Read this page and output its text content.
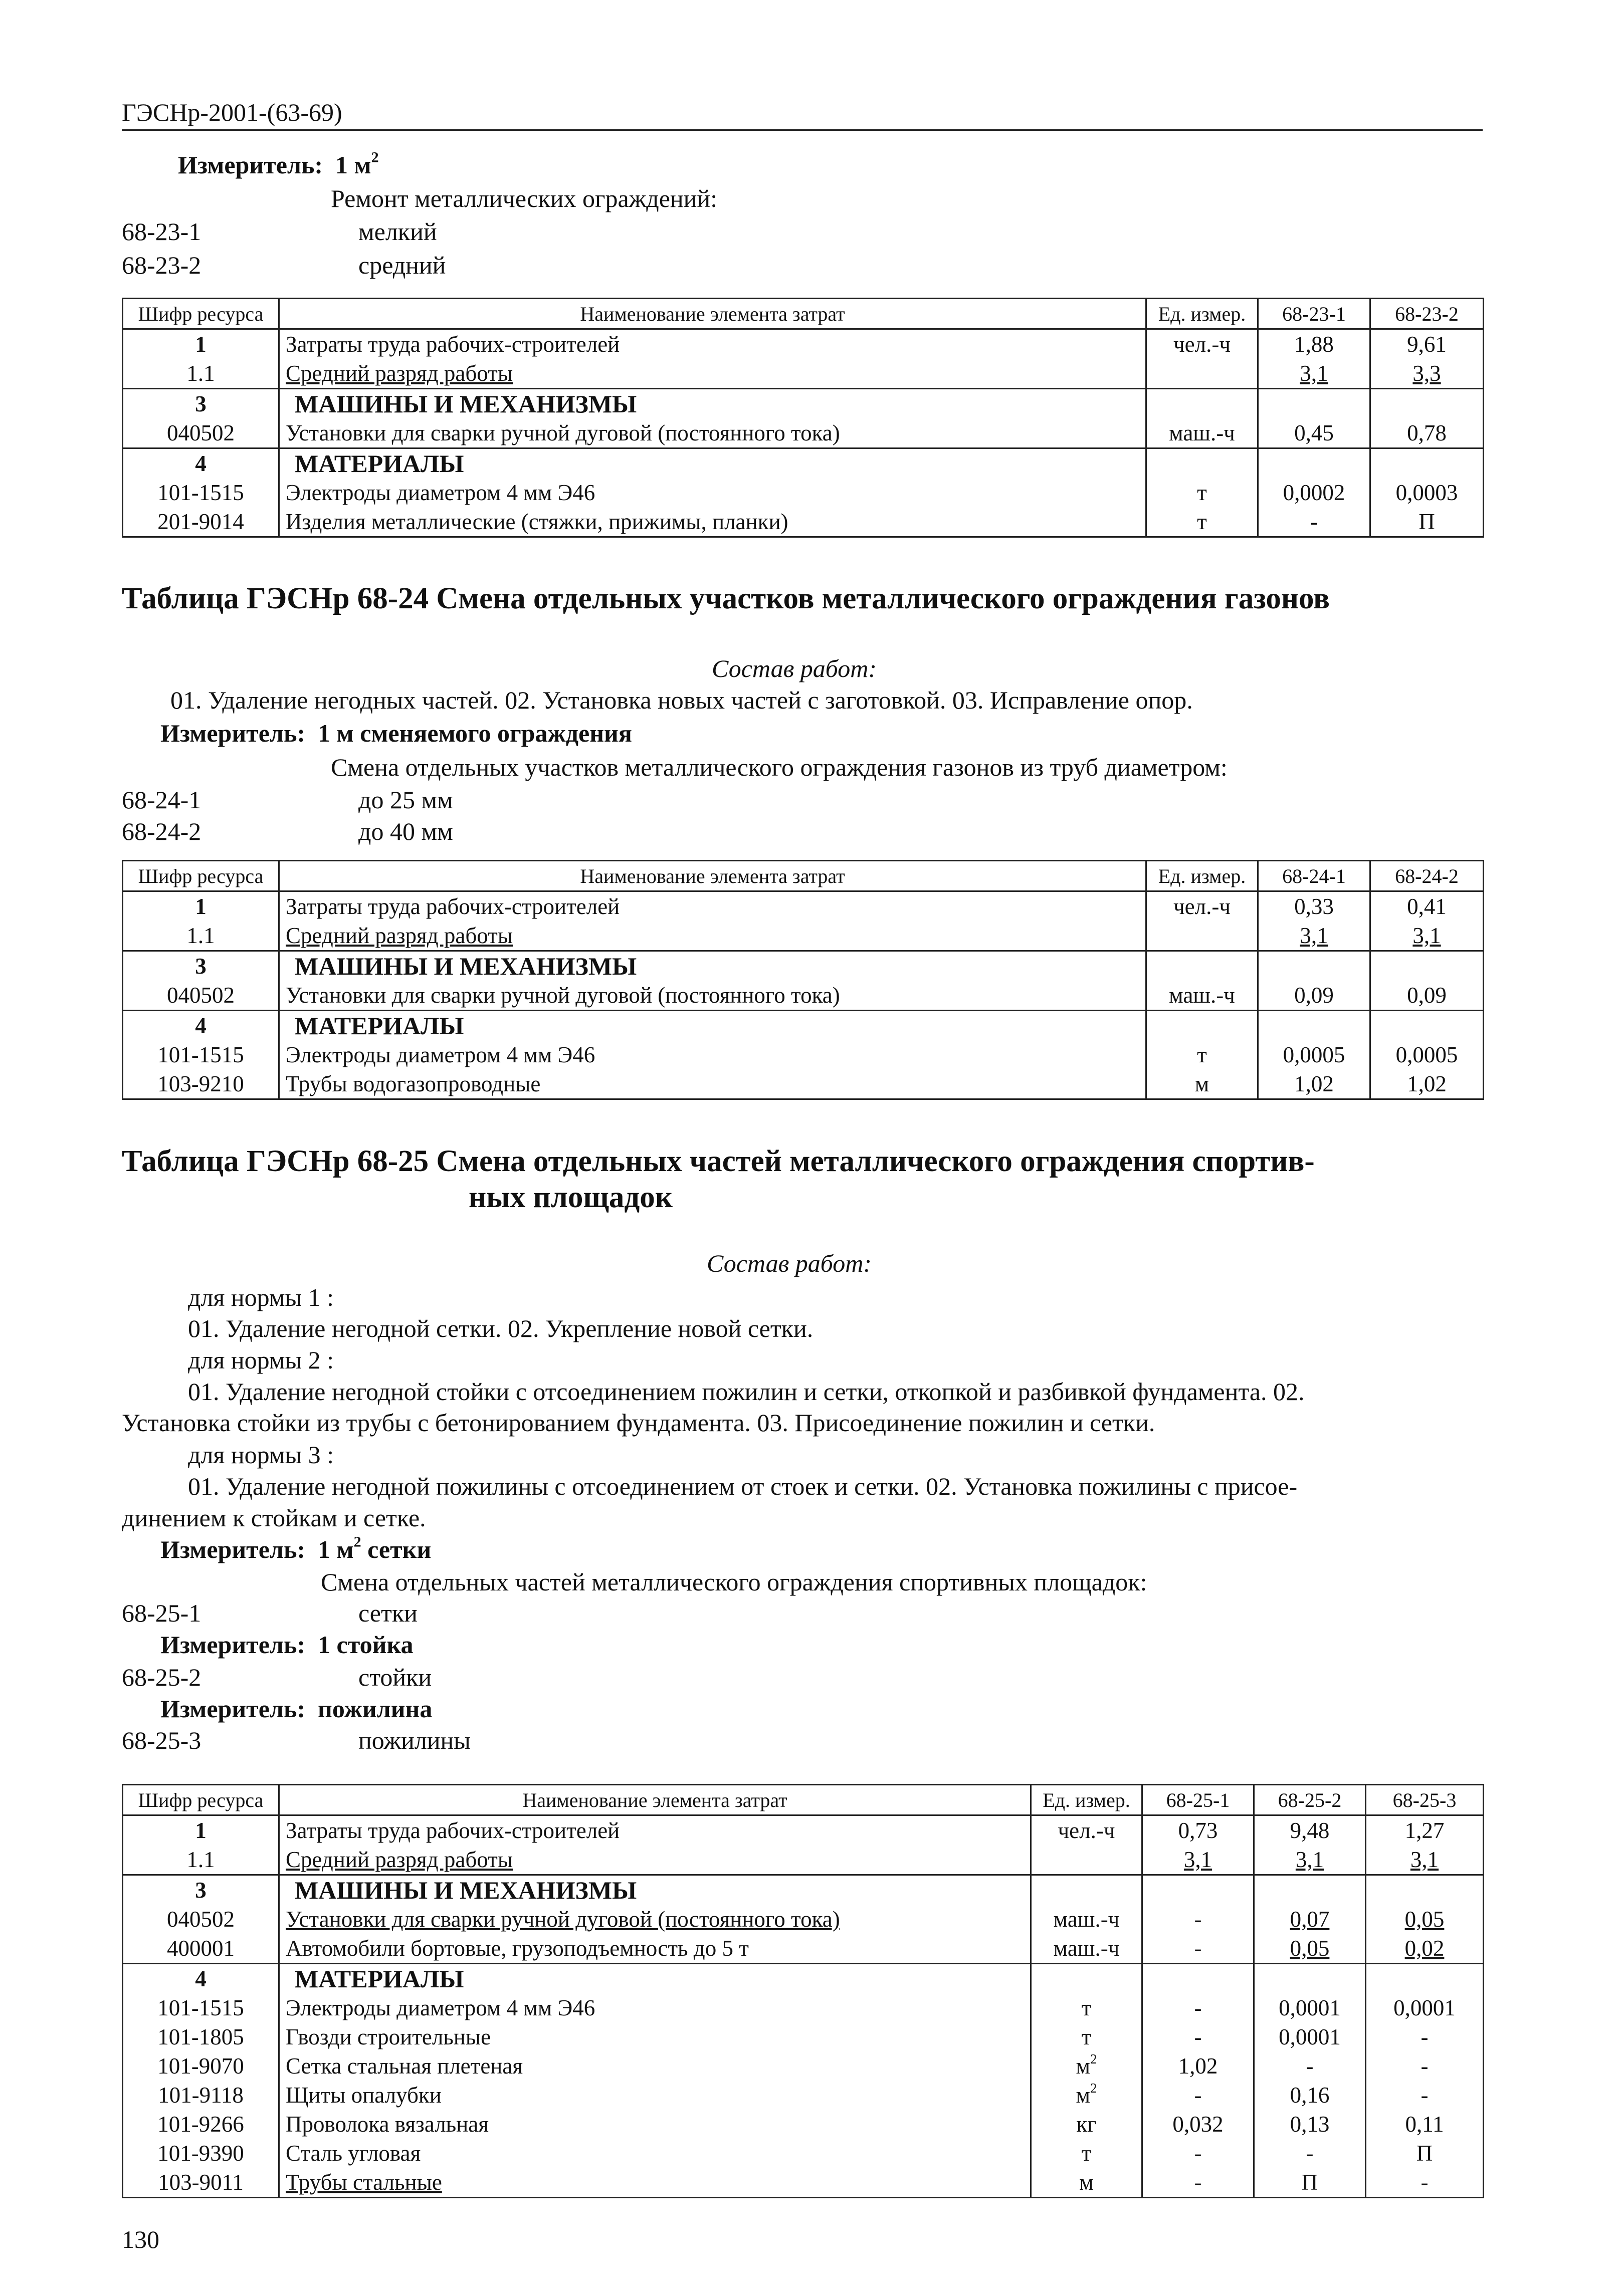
ГЭСНр-2001-(63-69)
Измеритель: 1 $м^2$
Ремонт металлических ограждений:
68-23-1	мелкий
68-23-2	средний
Шифр ресурса	Наименование элемента затрат	Ед. измер.	68-23-1	68-23-2
1	Затраты труда рабочих-строителей	чел.-ч	1,88	9,61
1.1	Средний разряд работы		3,1	3,3
3	МАШИНЫ И МЕХАНИЗМЫ			
040502	Установки для сварки ручной дуговой (постоянного тока)	маш.-ч	0,45	0,78
4	МАТЕРИАЛЫ			
101-1515	Электроды диаметром 4 мм Э46	т	0,0002	0,0003
201-9014	Изделия металлические (стяжки, прижимы, планки)	т	-	П
Таблица ГЭСНр 68-24 Смена отдельных участков металлического ограждения газонов
Состав работ:
01. Удаление негодных частей. 02. Установка новых частей с заготовкой. 03. Исправление опор.
Измеритель: 1 м сменяемого ограждения
Смена отдельных участков металлического ограждения газонов из труб диаметром:
68-24-1	до 25 мм
68-24-2	до 40 мм
Шифр ресурса	Наименование элемента затрат	Ед. измер.	68-24-1	68-24-2
1	Затраты труда рабочих-строителей	чел.-ч	0,33	0,41
1.1	Средний разряд работы		3,1	3,1
3	МАШИНЫ И МЕХАНИЗМЫ			
040502	Установки для сварки ручной дуговой (постоянного тока)	маш.-ч	0,09	0,09
4	МАТЕРИАЛЫ			
101-1515	Электроды диаметром 4 мм Э46	т	0,0005	0,0005
103-9210	Трубы водогазопроводные	м	1,02	1,02
Таблица ГЭСНр 68-25 Смена отдельных частей металлического ограждения спортив-
ных площадок
Состав работ:
для нормы 1 :
01. Удаление негодной сетки. 02. Укрепление новой сетки.
для нормы 2 :
01. Удаление негодной стойки с отсоединением пожилин и сетки, откопкой и разбивкой фундамента. 02.
Установка стойки из трубы с бетонированием фундамента. 03. Присоединение пожилин и сетки.
для нормы 3 :
01. Удаление негодной пожилины с отсоединением от стоек и сетки. 02. Установка пожилины с присое-
динением к стойкам и сетке.
Измеритель: 1 $м^2$ сетки
Смена отдельных частей металлического ограждения спортивных площадок:
68-25-1	сетки
Измеритель: 1 стойка
68-25-2	стойки
Измеритель: пожилина
68-25-3	пожилины
Шифр ресурса	Наименование элемента затрат	Ед. измер.	68-25-1	68-25-2	68-25-3
1	Затраты труда рабочих-строителей	чел.-ч	0,73	9,48	1,27
1.1	Средний разряд работы		3,1	3,1	3,1
3	МАШИНЫ И МЕХАНИЗМЫ				
040502	Установки для сварки ручной дуговой (постоянного тока)	маш.-ч	-	0,07	0,05
400001	Автомобили бортовые, грузоподъемность до 5 т	маш.-ч	-	0,05	0,02
4	МАТЕРИАЛЫ				
101-1515	Электроды диаметром 4 мм Э46	т	-	0,0001	0,0001
101-1805	Гвозди строительные	т	-	0,0001	-
101-9070	Сетка стальная плетеная	$м^2$	1,02	-	-
101-9118	Щиты опалубки	$м^2$	-	0,16	-
101-9266	Проволока вязальная	кг	0,032	0,13	0,11
101-9390	Сталь угловая	т	-	-	П
103-9011	Трубы стальные	м	-	П	-
130
